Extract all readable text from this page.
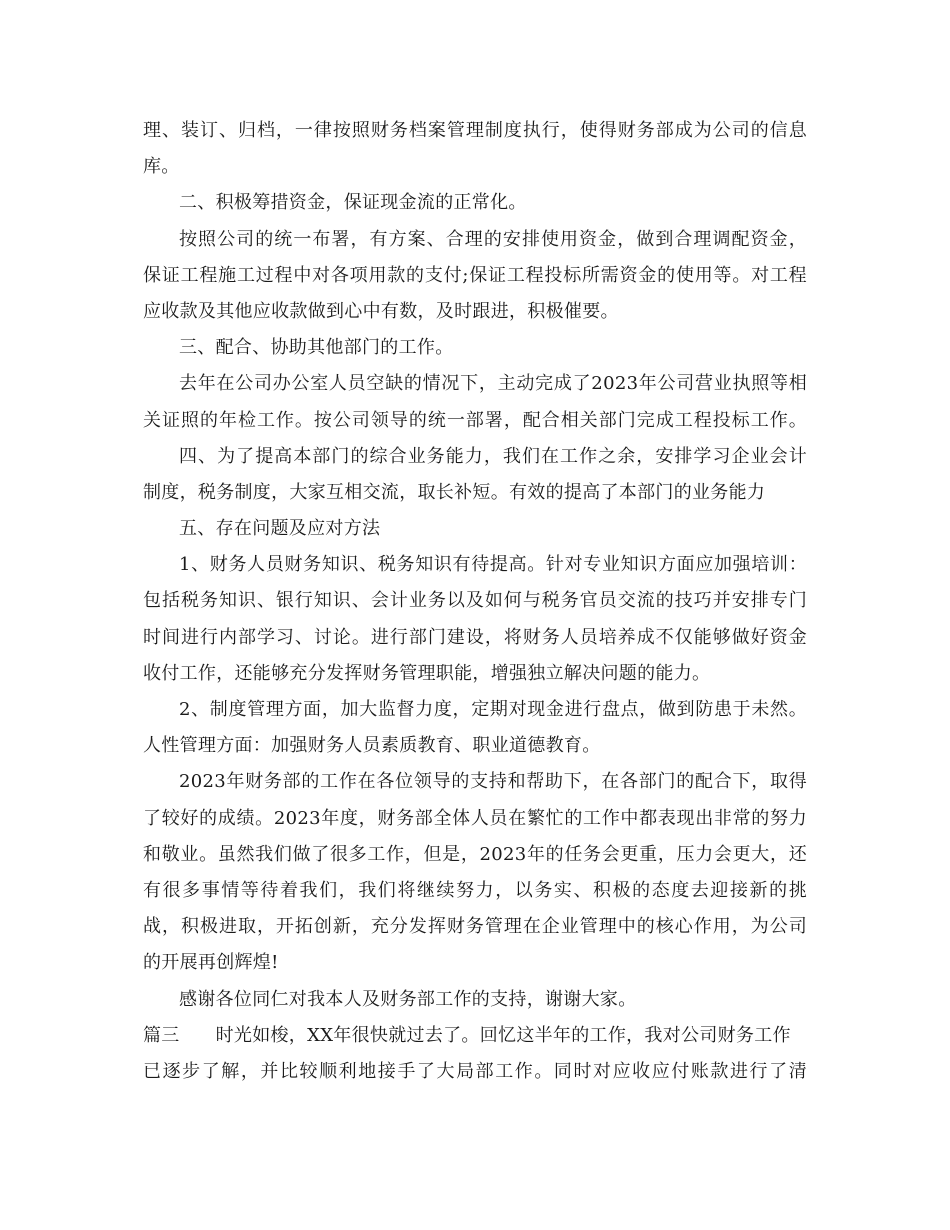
理、装订、归档，一律按照财务档案管理制度执行，使得财务部成为公司的信息
库。
二、积极筹措资金，保证现金流的正常化。
按照公司的统一布署，有方案、合理的安排使用资金，做到合理调配资金，
保证工程施工过程中对各项用款的支付;保证工程投标所需资金的使用等。对工程
应收款及其他应收款做到心中有数，及时跟进，积极催要。
三、配合、协助其他部门的工作。
去年在公司办公室人员空缺的情况下，主动完成了2023年公司营业执照等相
关证照的年检工作。按公司领导的统一部署，配合相关部门完成工程投标工作。
四、为了提高本部门的综合业务能力，我们在工作之余，安排学习企业会计
制度，税务制度，大家互相交流，取长补短。有效的提高了本部门的业务能力
五、存在问题及应对方法
1、财务人员财务知识、税务知识有待提高。针对专业知识方面应加强培训：
包括税务知识、银行知识、会计业务以及如何与税务官员交流的技巧并安排专门
时间进行内部学习、讨论。进行部门建设，将财务人员培养成不仅能够做好资金
收付工作，还能够充分发挥财务管理职能，增强独立解决问题的能力。
2、制度管理方面，加大监督力度，定期对现金进行盘点，做到防患于未然。
人性管理方面：加强财务人员素质教育、职业道德教育。
2023年财务部的工作在各位领导的支持和帮助下，在各部门的配合下，取得
了较好的成绩。2023年度，财务部全体人员在繁忙的工作中都表现出非常的努力
和敬业。虽然我们做了很多工作，但是，2023年的任务会更重，压力会更大，还
有很多事情等待着我们，我们将继续努力，以务实、积极的态度去迎接新的挑
战，积极进取，开拓创新，充分发挥财务管理在企业管理中的核心作用，为公司
的开展再创辉煌!
感谢各位同仁对我本人及财务部工作的支持，谢谢大家。
篇三 时光如梭，XX年很快就过去了。回忆这半年的工作，我对公司财务工作
已逐步了解，并比较顺利地接手了大局部工作。同时对应收应付账款进行了清
